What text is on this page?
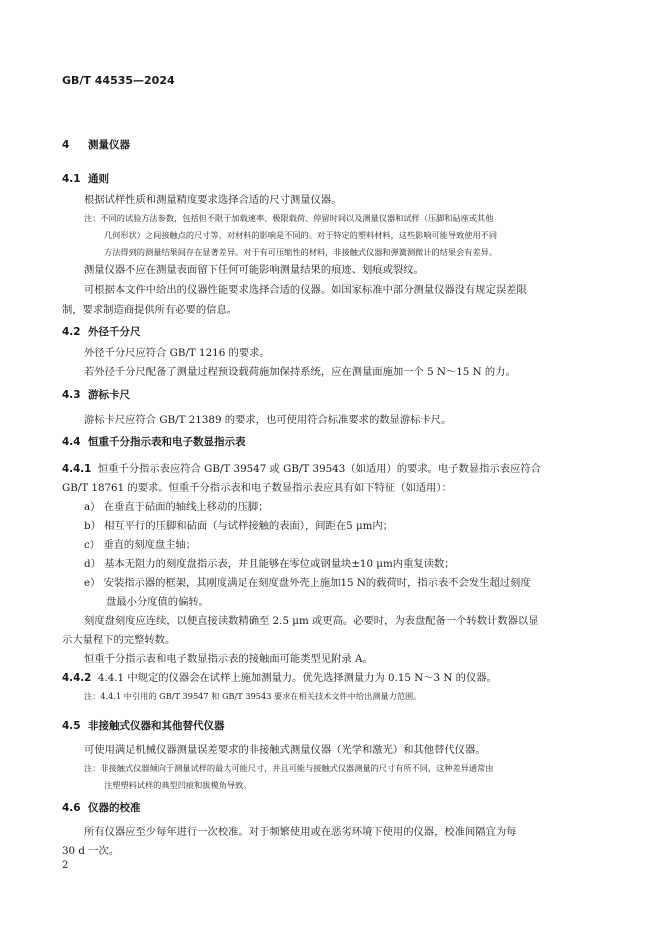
GB/T 44535—2024
4 测量仪器
4.1 通则
根据试样性质和测量精度要求选择合适的尺寸测量仪器。
注：不同的试验方法参数，包括但不限于加载速率、极限载荷、停留时间以及测量仪器和试样（压脚和砧座或其他
几何形状）之间接触点的尺寸等，对材料的影响是不同的。对于特定的塑料材料，这些影响可能导致使用不同
方法得到的测量结果间存在显著差异。对于有可压缩性的材料，非接触式仪器和弹簧测微计的结果会有差异。
测量仪器不应在测量表面留下任何可能影响测量结果的痕迹、划痕或裂纹。
可根据本文件中给出的仪器性能要求选择合适的仪器。如国家标准中部分测量仪器没有规定误差限
制，要求制造商提供所有必要的信息。
4.2 外径千分尺
外径千分尺应符合 GB/T 1216 的要求。
若外径千分尺配备了测量过程预设载荷施加保持系统，应在测量面施加一个 5 N～15 N 的力。
4.3 游标卡尺
游标卡尺应符合 GB/T 21389 的要求，也可使用符合标准要求的数显游标卡尺。
4.4 恒重千分指示表和电子数显指示表
4.4.1 恒重千分指示表应符合 GB/T 39547 或 GB/T 39543（如适用）的要求。电子数显指示表应符合
GB/T 18761 的要求。恒重千分指示表和电子数显指示表应具有如下特征（如适用）：
a） 在垂直于砧面的轴线上移动的压脚；
b） 相互平行的压脚和砧面（与试样接触的表面），间距在5 μm内；
c） 垂直的刻度盘主轴；
d） 基本无阻力的刻度盘指示表，并且能够在零位或钢量块±10 μm内重复读数；
e） 安装指示器的框架，其刚度满足在刻度盘外壳上施加15 N的载荷时，指示表不会发生超过刻度
盘最小分度值的偏转。
刻度盘刻度应连续，以便直接读数精确至 2.5 μm 或更高。必要时，为表盘配备一个转数计数器以显
示大量程下的完整转数。
恒重千分指示表和电子数显指示表的接触面可能类型见附录 A。
4.4.2 4.4.1 中规定的仪器会在试样上施加测量力。优先选择测量力为 0.15 N～3 N 的仪器。
注：4.4.1 中引用的 GB/T 39547 和 GB/T 39543 要求在相关技术文件中给出测量力范围。
4.5 非接触式仪器和其他替代仪器
可使用满足机械仪器测量误差要求的非接触式测量仪器（光学和激光）和其他替代仪器。
注：非接触式仪器倾向于测量试样的最大可能尺寸，并且可能与接触式仪器测量的尺寸有所不同，这种差异通常由
注塑塑料试样的典型凹痕和拔模角导致。
4.6 仪器的校准
所有仪器应至少每年进行一次校准。对于频繁使用或在恶劣环境下使用的仪器，校准间隔宜为每
30 d 一次。
2
